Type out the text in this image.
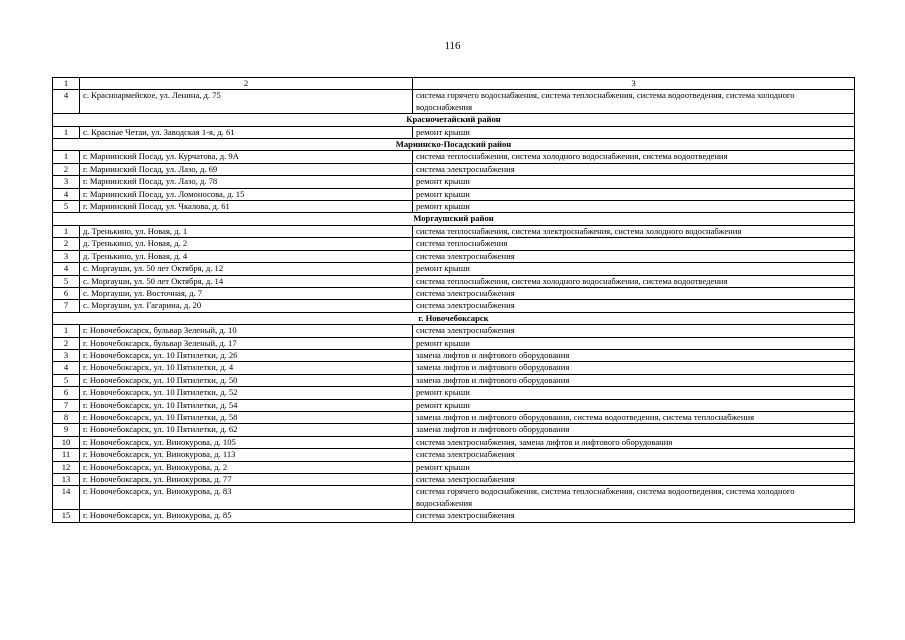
116
1	2	3
4	с. Красноармейское, ул. Ленина, д. 75	система горячего водоснабжения, система теплоснабжения, система водоотведения, система холодного водоснабжения
Красночетайский район		
1	с. Красные Четаи, ул. Заводская 1-я, д. 61	ремонт крыши
Мариинско-Посадский район		
1	г. Мариинский Посад, ул. Курчатова, д. 9А	система теплоснабжения, система холодного водоснабжения, система водоотведения
2	г. Мариинский Посад, ул. Лазо, д. 69	система электроснабжения
3	г. Мариинский Посад, ул. Лазо, д. 78	ремонт крыши
4	г. Мариинский Посад, ул. Ломоносова, д. 15	ремонт крыши
5	г. Мариинский Посад, ул. Чкалова, д. 61	ремонт крыши
Моргаушский район		
1	д. Тренькино, ул. Новая, д. 1	система теплоснабжения, система электроснабжения, система холодного водоснабжения
2	д. Тренькино, ул. Новая, д. 2	система теплоснабжения
3	д. Тренькино, ул. Новая, д. 4	система электроснабжения
4	с. Моргауши, ул. 50 лет Октября, д. 12	ремонт крыши
5	с. Моргауши, ул. 50 лет Октября, д. 14	система теплоснабжения, система холодного водоснабжения, система водоотведения
6	с. Моргауши, ул. Восточная, д. 7	система электроснабжения
7	с. Моргауши, ул. Гагарина, д. 20	система электроснабжения
г. Новочебоксарск		
1	г. Новочебоксарск, бульвар Зеленый, д. 10	система электроснабжения
2	г. Новочебоксарск, бульвар Зеленый, д. 17	ремонт крыши
3	г. Новочебоксарск, ул. 10 Пятилетки, д. 26	замена лифтов и лифтового оборудования
4	г. Новочебоксарск, ул. 10 Пятилетки, д. 4	замена лифтов и лифтового оборудования
5	г. Новочебоксарск, ул. 10 Пятилетки, д. 50	замена лифтов и лифтового оборудования
6	г. Новочебоксарск, ул. 10 Пятилетки, д. 52	ремонт крыши
7	г. Новочебоксарск, ул. 10 Пятилетки, д. 54	ремонт крыши
8	г. Новочебоксарск, ул. 10 Пятилетки, д. 58	замена лифтов и лифтового оборудования, система водоотведения, система теплоснабжения
9	г. Новочебоксарск, ул. 10 Пятилетки, д. 62	замена лифтов и лифтового оборудования
10	г. Новочебоксарск, ул. Винокурова, д. 105	система электроснабжения, замена лифтов и лифтового оборудования
11	г. Новочебоксарск, ул. Винокурова, д. 113	система электроснабжения
12	г. Новочебоксарск, ул. Винокурова, д. 2	ремонт крыши
13	г. Новочебоксарск, ул. Винокурова, д. 77	система электроснабжения
14	г. Новочебоксарск, ул. Винокурова, д. 83	система горячего водоснабжения, система теплоснабжения, система водоотведения, система холодного водоснабжения
15	г. Новочебоксарск, ул. Винокурова, д. 85	система электроснабжения
